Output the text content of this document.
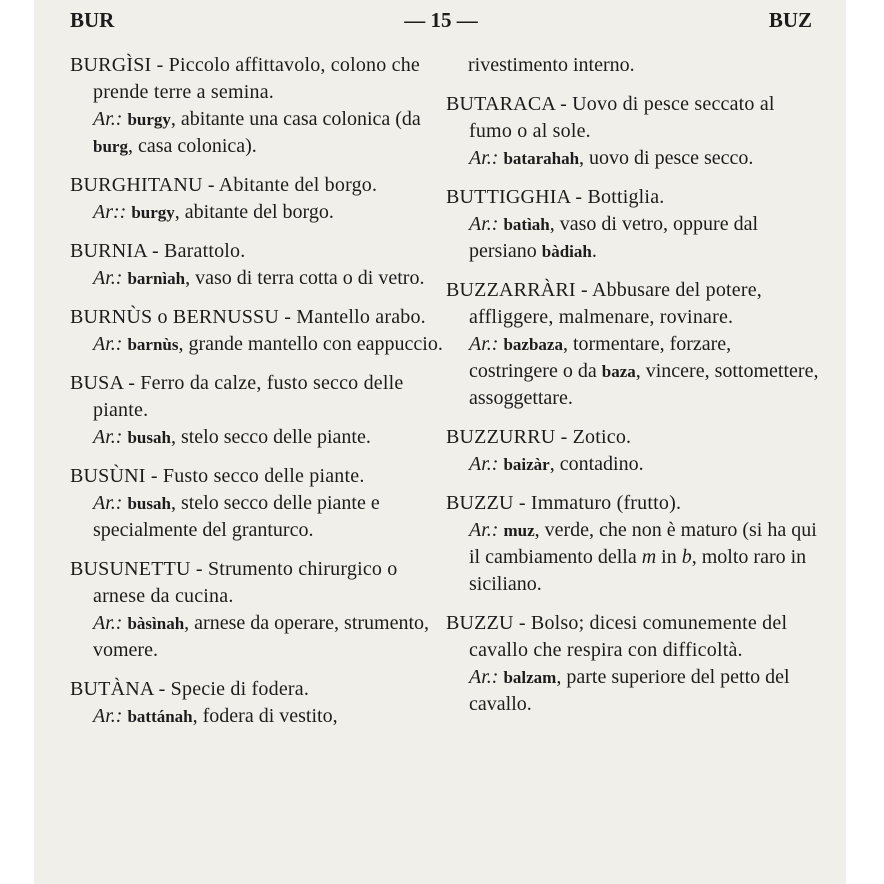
BUR	— 15 —	BUZ
BURGÌSI - Piccolo affittavolo, colono che prende terre a semina.
Ar.: burgy, abitante una casa colonica (da burg, casa colonica).
BURGHITANU - Abitante del borgo.
Ar:: burgy, abitante del borgo.
BURNIA - Barattolo.
Ar.: barnìah, vaso di terra cotta o di vetro.
BURNÙS o BERNUSSU - Mantello arabo.
Ar.: barnùs, grande mantello con eappuccio.
BUSA - Ferro da calze, fusto secco delle piante.
Ar.: busah, stelo secco delle piante.
BUSÙNI - Fusto secco delle piante.
Ar.: busah, stelo secco delle piante e specialmente del granturco.
BUSUNETTU - Strumento chirurgico o arnese da cucina.
Ar.: bàsìnah, arnese da operare, strumento, vomere.
BUTÀNA - Specie di fodera.
Ar.: battánah, fodera di vestito,
rivestimento interno.
BUTARACA - Uovo di pesce seccato al fumo o al sole.
Ar.: batarahah, uovo di pesce secco.
BUTTIGGHIA - Bottiglia.
Ar.: batìah, vaso di vetro, oppure dal persiano bàdiah.
BUZZARRÀRI - Abbusare del potere, affliggere, malmenare, rovinare.
Ar.: bazbaza, tormentare, forzare, costringere o da baza, vincere, sottomettere, assoggettare.
BUZZURRU - Zotico.
Ar.: baizàr, contadino.
BUZZU - Immaturo (frutto).
Ar.: muz, verde, che non è maturo (si ha qui il cambiamento della m in b, molto raro in siciliano.
BUZZU - Bolso; dicesi comunemente del cavallo che respira con difficoltà.
Ar.: balzam, parte superiore del petto del cavallo.
